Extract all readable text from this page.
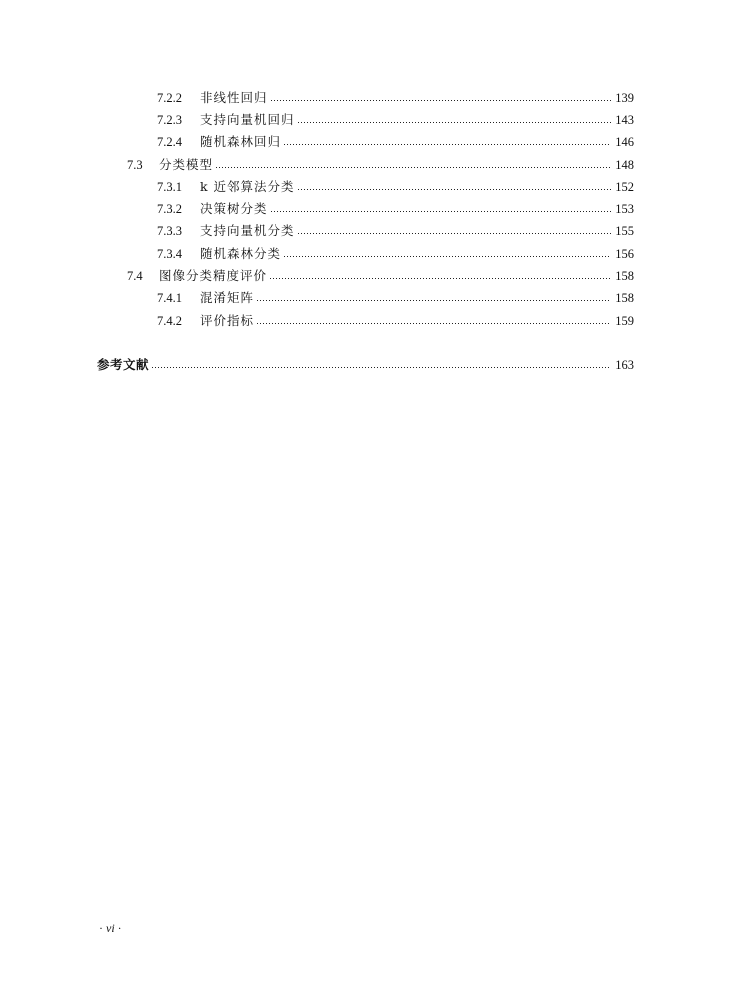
7.2.2	非线性回归	139
7.2.3	支持向量机回归	143
7.2.4	随机森林回归	146
7.3	分类模型	148
7.3.1	k 近邻算法分类	152
7.3.2	决策树分类	153
7.3.3	支持向量机分类	155
7.3.4	随机森林分类	156
7.4	图像分类精度评价	158
7.4.1	混淆矩阵	158
7.4.2	评价指标	159
参考文献	163
· vi ·
